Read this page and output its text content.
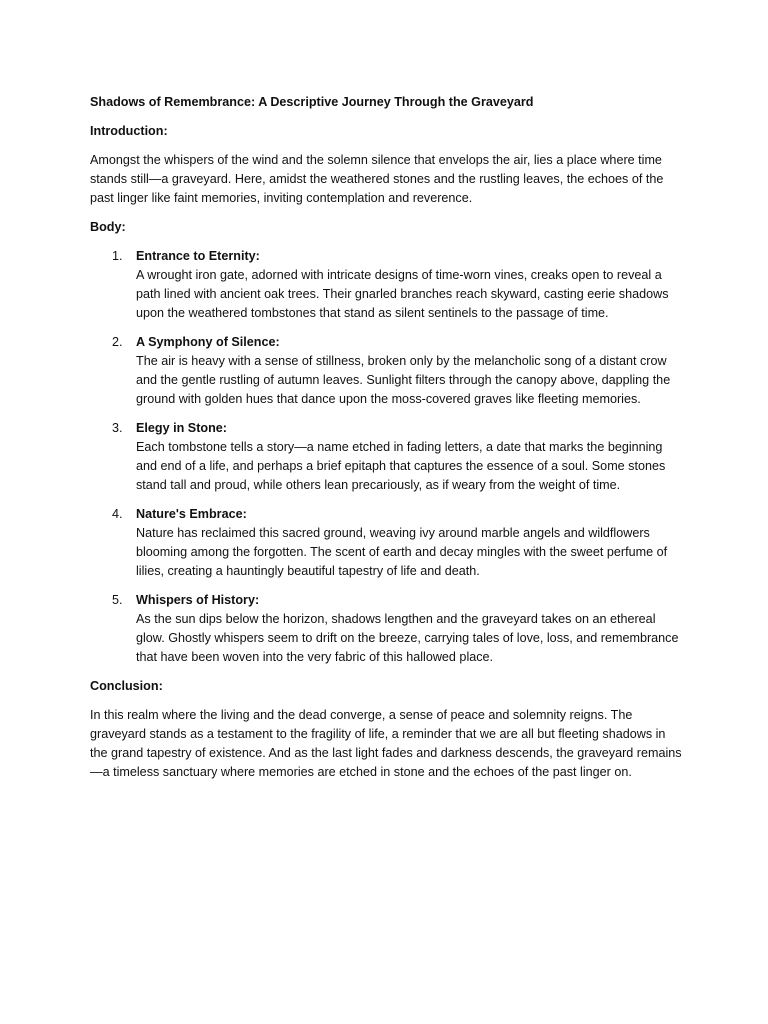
Shadows of Remembrance: A Descriptive Journey Through the Graveyard

Introduction:

Amongst the whispers of the wind and the solemn silence that envelops the air, lies a place where time stands still—a graveyard. Here, amidst the weathered stones and the rustling leaves, the echoes of the past linger like faint memories, inviting contemplation and reverence.

Body:

1. Entrance to Eternity:
A wrought iron gate, adorned with intricate designs of time-worn vines, creaks open to reveal a path lined with ancient oak trees. Their gnarled branches reach skyward, casting eerie shadows upon the weathered tombstones that stand as silent sentinels to the passage of time.
2. A Symphony of Silence:
The air is heavy with a sense of stillness, broken only by the melancholic song of a distant crow and the gentle rustling of autumn leaves. Sunlight filters through the canopy above, dappling the ground with golden hues that dance upon the moss-covered graves like fleeting memories.
3. Elegy in Stone:
Each tombstone tells a story—a name etched in fading letters, a date that marks the beginning and end of a life, and perhaps a brief epitaph that captures the essence of a soul. Some stones stand tall and proud, while others lean precariously, as if weary from the weight of time.
4. Nature's Embrace:
Nature has reclaimed this sacred ground, weaving ivy around marble angels and wildflowers blooming among the forgotten. The scent of earth and decay mingles with the sweet perfume of lilies, creating a hauntingly beautiful tapestry of life and death.
5. Whispers of History:
As the sun dips below the horizon, shadows lengthen and the graveyard takes on an ethereal glow. Ghostly whispers seem to drift on the breeze, carrying tales of love, loss, and remembrance that have been woven into the very fabric of this hallowed place.

Conclusion:

In this realm where the living and the dead converge, a sense of peace and solemnity reigns. The graveyard stands as a testament to the fragility of life, a reminder that we are all but fleeting shadows in the grand tapestry of existence. And as the last light fades and darkness descends, the graveyard remains—a timeless sanctuary where memories are etched in stone and the echoes of the past linger on.
